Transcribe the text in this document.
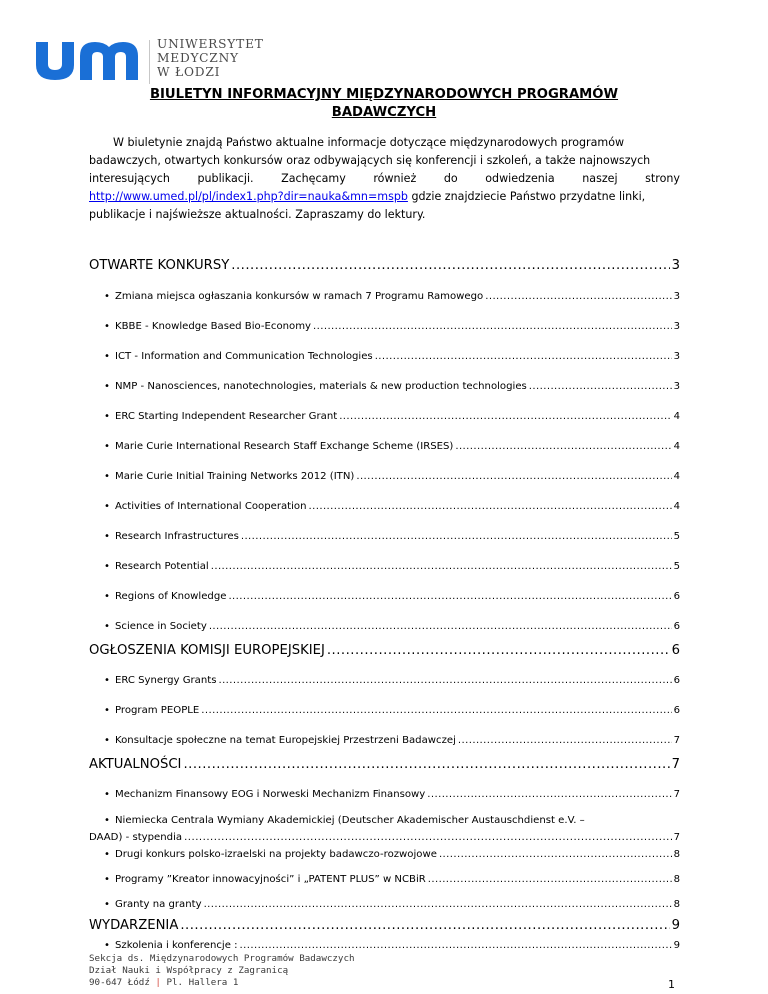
UNIWERSYTET
MEDYCZNY
W ŁODZI
BIULETYN INFORMACYJNY MIĘDZYNARODOWYCH PROGRAMÓW
BADAWCZYCH
W biuletynie znajdą Państwo aktualne informacje dotyczące międzynarodowych programów
badawczych, otwartych konkursów oraz odbywających się konferencji i szkoleń, a także najnowszych
interesujących publikacji. Zachęcamy również do odwiedzenia naszej strony
http://www.umed.pl/pl/index1.php?dir=nauka&mn=mspb gdzie znajdziecie Państwo przydatne linki,
publikacje i najświeższe aktualności. Zapraszamy do lektury.
OTWARTE KONKURSY .....	3
• Zmiana miejsca ogłaszania konkursów w ramach 7 Programu Ramowego .....	3
• KBBE - Knowledge Based Bio-Economy .....	3
• ICT - Information and Communication Technologies .....	3
• NMP - Nanosciences, nanotechnologies, materials & new production technologies .....	3
• ERC Starting Independent Researcher Grant .....	4
• Marie Curie International Research Staff Exchange Scheme (IRSES) .....	4
• Marie Curie Initial Training Networks 2012 (ITN) .....	4
• Activities of International Cooperation .....	4
• Research Infrastructures .....	5
• Research Potential .....	5
• Regions of Knowledge .....	6
• Science in Society .....	6
OGŁOSZENIA KOMISJI EUROPEJSKIEJ .....	6
• ERC Synergy Grants .....	6
• Program PEOPLE .....	6
• Konsultacje społeczne na temat Europejskiej Przestrzeni Badawczej .....	7
AKTUALNOŚCI .....	7
• Mechanizm Finansowy EOG i Norweski Mechanizm Finansowy .....	7
• Niemiecka Centrala Wymiany Akademickiej (Deutscher Akademischer Austauschdienst e.V. –
DAAD) - stypendia .....	7
• Drugi konkurs polsko-izraelski na projekty badawczo-rozwojowe .....	8
• Programy ”Kreator innowacyjności” i „PATENT PLUS” w NCBiR .....	8
• Granty na granty .....	8
WYDARZENIA .....	9
• Szkolenia i konferencje : .....	9
Sekcja ds. Międzynarodowych Programów Badawczych
Dział Nauki i Współpracy z Zagranicą
90-647 Łódź | Pl. Hallera 1	1
